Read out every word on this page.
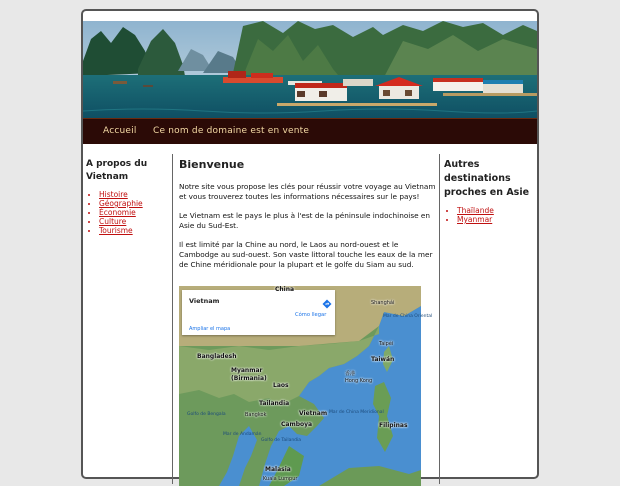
Accueil Ce nom de domaine est en vente
A propos du Vietnam
• Histoire
• Géographie
• Économie
• Culture
• Tourisme
Bienvenue

Notre site vous propose les clés pour réussir votre voyage au Vietnam et vous trouverez toutes les informations nécessaires sur le pays!

Le Vietnam est le pays le plus à l'est de la péninsule indochinoise en Asie du Sud-Est.

Il est limité par la Chine au nord, le Laos au nord-ouest et le Cambodge au sud-ouest. Son vaste littoral touche les eaux de la mer de Chine méridionale pour la plupart et le golfe du Siam au sud.

Vietnam
Cómo llegar
Ampliar el mapa
China
Shanghái
Mar de China Oriental
Taipéi
Taiwán
香港
Hong Kong
Bangladesh
Myanmar
(Birmania)
Laos
Tailandia
Vietnam
Bangkok
Camboya
Golfo de Bengala	Mar de China Meridional
Filipinas
Mar de Andamán
Golfo de Tailandia
Malasia
Kuala Lumpur
Autres destinations proches en Asie
• Thaïlande
• Myanmar
